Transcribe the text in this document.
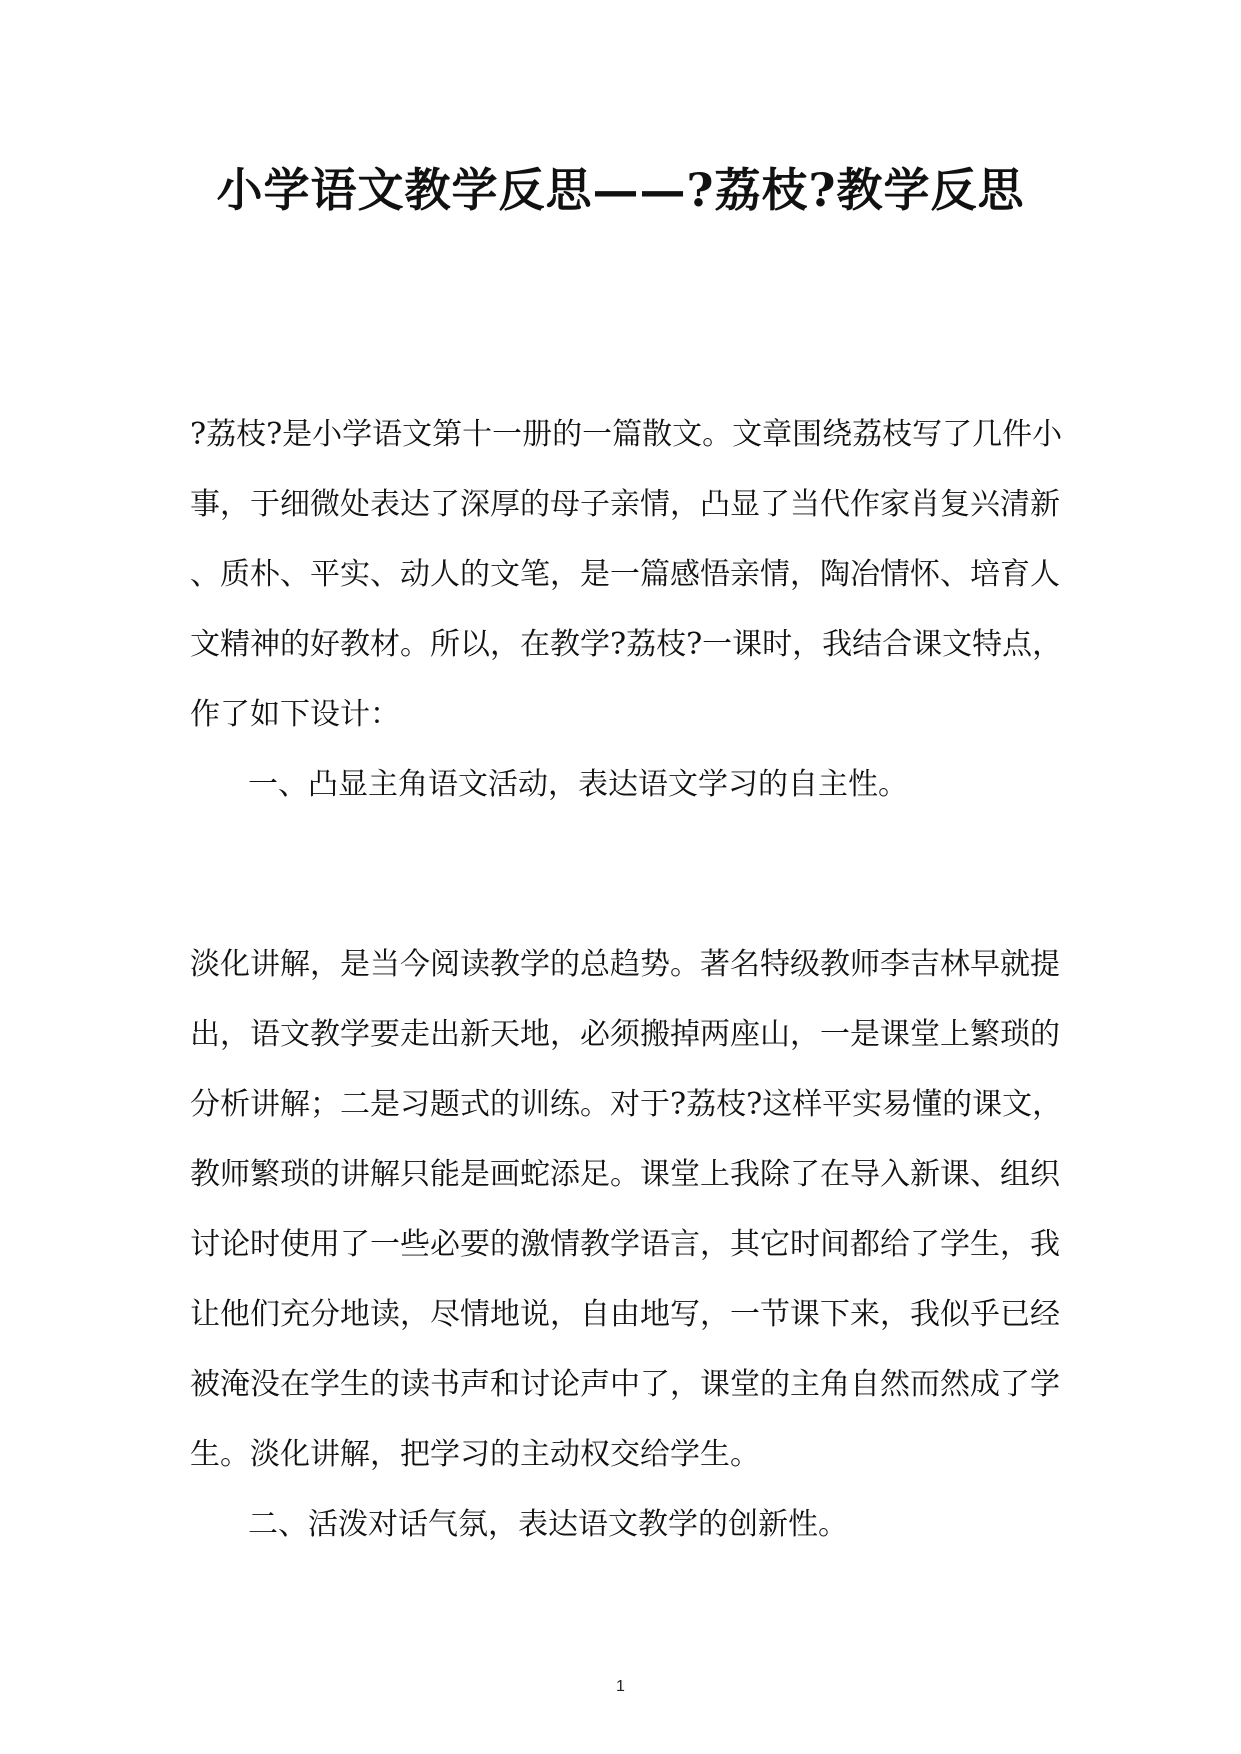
小学语文教学反思——?荔枝?教学反思

?荔枝?是小学语文第十一册的一篇散文。文章围绕荔枝写了几件小

事，于细微处表达了深厚的母子亲情，凸显了当代作家肖复兴清新

、质朴、平实、动人的文笔，是一篇感悟亲情，陶冶情怀、培育人

文精神的好教材。所以，在教学?荔枝?一课时，我结合课文特点，

作了如下设计：

一、凸显主角语文活动，表达语文学习的自主性。

淡化讲解，是当今阅读教学的总趋势。著名特级教师李吉林早就提

出，语文教学要走出新天地，必须搬掉两座山，一是课堂上繁琐的

分析讲解；二是习题式的训练。对于?荔枝?这样平实易懂的课文，

教师繁琐的讲解只能是画蛇添足。课堂上我除了在导入新课、组织

讨论时使用了一些必要的激情教学语言，其它时间都给了学生，我

让他们充分地读，尽情地说，自由地写，一节课下来，我似乎已经

被淹没在学生的读书声和讨论声中了，课堂的主角自然而然成了学

生。淡化讲解，把学习的主动权交给学生。

二、活泼对话气氛，表达语文教学的创新性。

1
